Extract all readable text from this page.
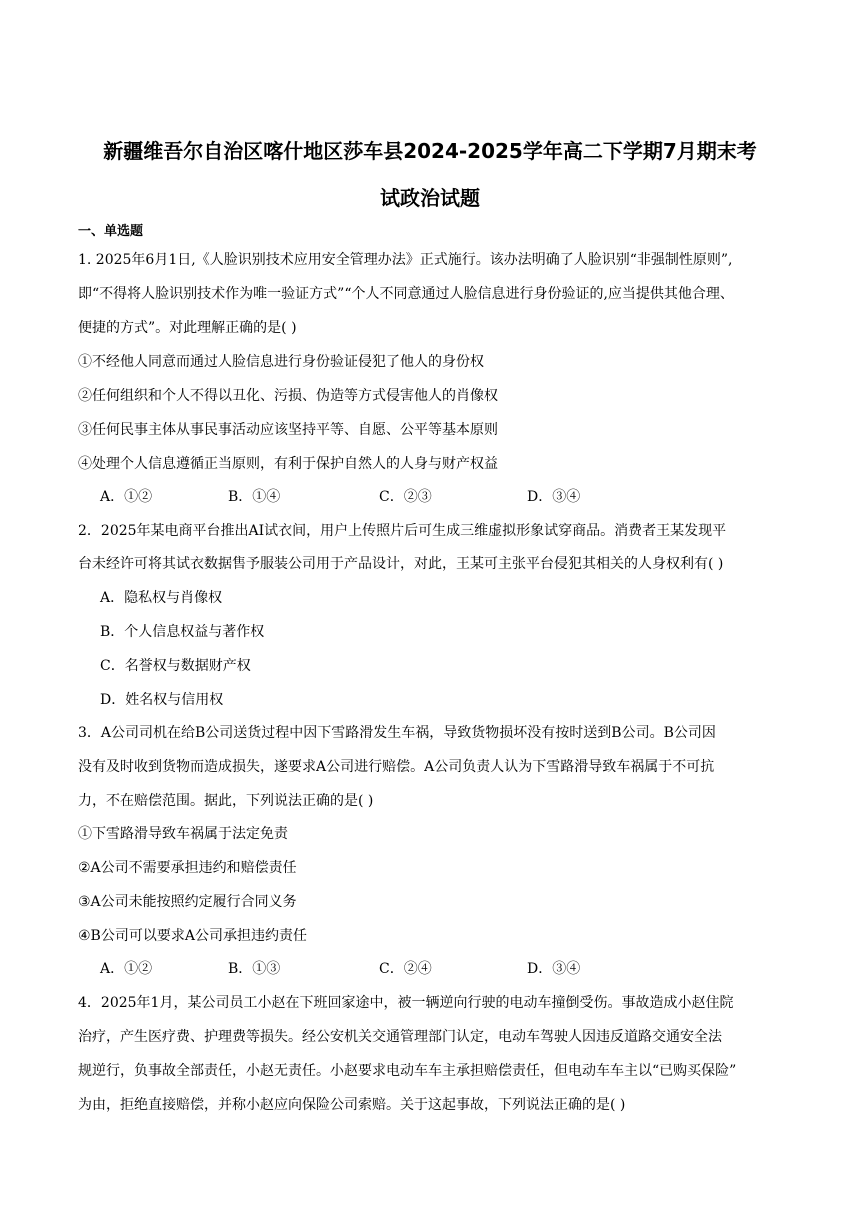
新疆维吾尔自治区喀什地区莎车县2024-2025学年高二下学期7月期末考
试政治试题
一、单选题
1. 2025年6月1日,《人脸识别技术应用安全管理办法》正式施行。该办法明确了人脸识别“非强制性原则”,
即“不得将人脸识别技术作为唯一验证方式”“个人不同意通过人脸信息进行身份验证的,应当提供其他合理、
便捷的方式”。对此理解正确的是( )
①不经他人同意而通过人脸信息进行身份验证侵犯了他人的身份权
②任何组织和个人不得以丑化、污损、伪造等方式侵害他人的肖像权
③任何民事主体从事民事活动应该坚持平等、自愿、公平等基本原则
④处理个人信息遵循正当原则，有利于保护自然人的人身与财产权益
A．①②	B．①④	C．②③	D．③④
2．2025年某电商平台推出AI试衣间，用户上传照片后可生成三维虚拟形象试穿商品。消费者王某发现平
台未经许可将其试衣数据售予服装公司用于产品设计，对此，王某可主张平台侵犯其相关的人身权利有( )
A．隐私权与肖像权
B．个人信息权益与著作权
C．名誉权与数据财产权
D．姓名权与信用权
3．A公司司机在给B公司送货过程中因下雪路滑发生车祸，导致货物损坏没有按时送到B公司。B公司因
没有及时收到货物而造成损失，遂要求A公司进行赔偿。A公司负责人认为下雪路滑导致车祸属于不可抗
力，不在赔偿范围。据此，下列说法正确的是( )
①下雪路滑导致车祸属于法定免责
②A公司不需要承担违约和赔偿责任
③A公司未能按照约定履行合同义务
④B公司可以要求A公司承担违约责任
A．①②	B．①③	C．②④	D．③④
4．2025年1月，某公司员工小赵在下班回家途中，被一辆逆向行驶的电动车撞倒受伤。事故造成小赵住院
治疗，产生医疗费、护理费等损失。经公安机关交通管理部门认定，电动车驾驶人因违反道路交通安全法
规逆行，负事故全部责任，小赵无责任。小赵要求电动车车主承担赔偿责任，但电动车车主以“已购买保险”
为由，拒绝直接赔偿，并称小赵应向保险公司索赔。关于这起事故，下列说法正确的是( )
